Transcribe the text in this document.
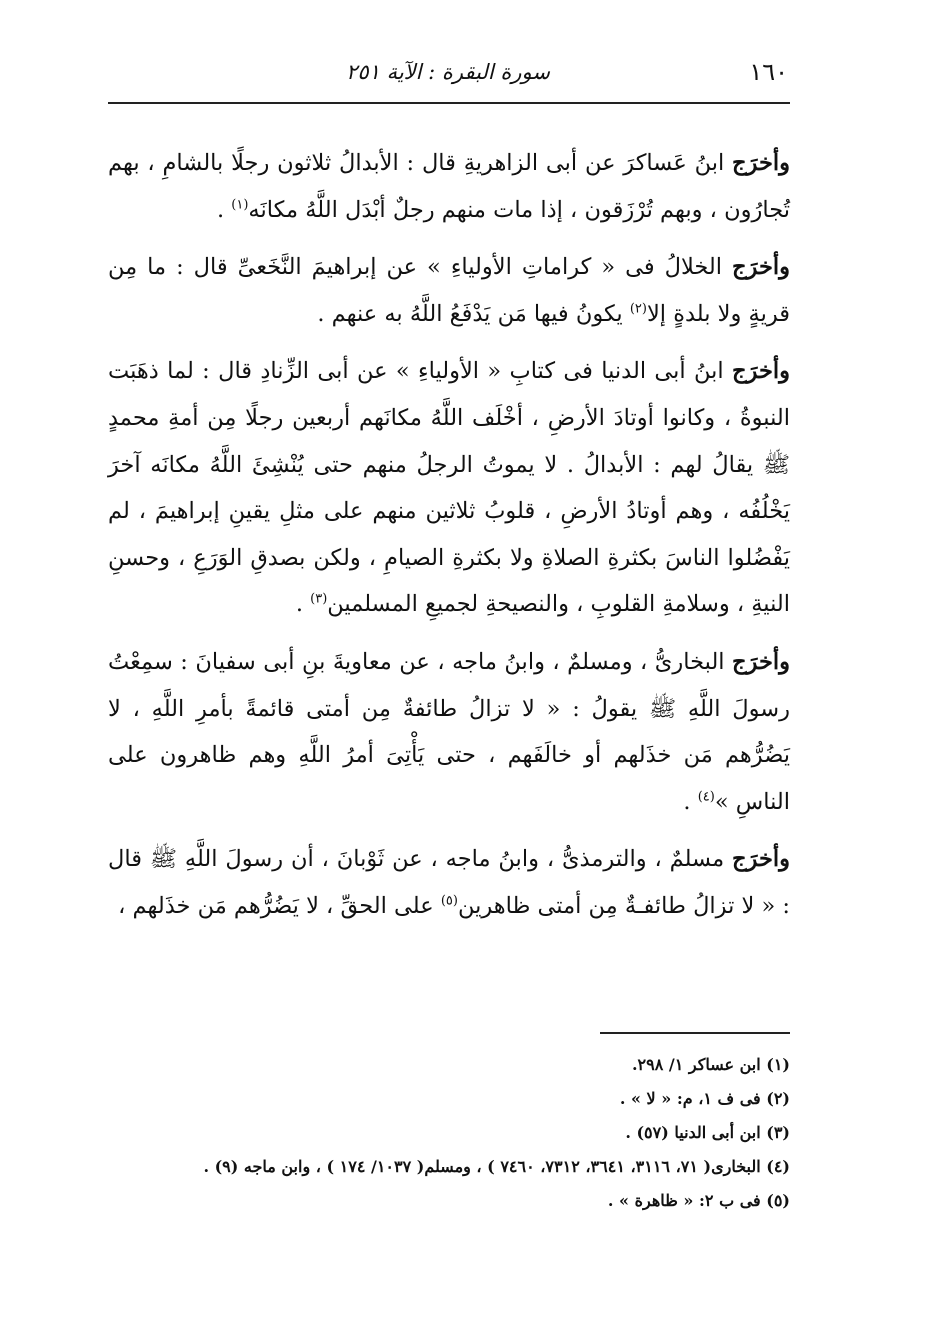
١٦٠
سورة البقرة : الآية ٢٥١

وأخرَج ابنُ عَساكرَ عن أبى الزاهريةِ قال : الأبدالُ ثلاثون رجلًا بالشامِ ، بهم تُجارُون ، وبهم تُرْزَقون ، إذا مات منهم رجلٌ أبْدَل اللَّهُ مكانَه$^{(١)}$ .

وأخرَج الخلالُ فى « كراماتِ الأولياءِ » عن إبراهيمَ النَّخَعىِّ قال : ما مِن قريةٍ ولا بلدةٍ إلا$^{(٢)}$ يكونُ فيها مَن يَدْفَعُ اللَّهُ به عنهم .

وأخرَج ابنُ أبى الدنيا فى كتابِ « الأولياءِ » عن أبى الزِّنادِ قال : لما ذهَبَت النبوةُ ، وكانوا أوتادَ الأرضِ ، أخْلَف اللَّهُ مكانَهم أربعين رجلًا مِن أمةِ محمدٍ ﷺ يقالُ لهم : الأبدالُ . لا يموتُ الرجلُ منهم حتى يُنْشِئَ اللَّهُ مكانَه آخرَ يَخْلُفُه ، وهم أوتادُ الأرضِ ، قلوبُ ثلاثين منهم على مثلِ يقينِ إبراهيمَ ، لم يَفْضُلوا الناسَ بكثرةِ الصلاةِ ولا بكثرةِ الصيامِ ، ولكن بصدقِ الوَرَعِ ، وحسنِ النيةِ ، وسلامةِ القلوبِ ، والنصيحةِ لجميعِ المسلمين$^{(٣)}$ .

وأخرَج البخارىُّ ، ومسلمٌ ، وابنُ ماجه ، عن معاويةَ بنِ أبى سفيانَ : سمِعْتُ رسولَ اللَّهِ ﷺ يقولُ : « لا تزالُ طائفةٌ مِن أمتى قائمةً بأمرِ اللَّهِ ، لا يَضُرُّهم مَن خذَلهم أو خالَفَهم ، حتى يَأْتِىَ أمرُ اللَّهِ وهم ظاهرون على الناسِ »$^{(٤)}$ .

وأخرَج مسلمٌ ، والترمذىُّ ، وابنُ ماجه ، عن ثَوْبانَ ، أن رسولَ اللَّهِ ﷺ قال : « لا تزالُ طائفـةٌ مِن أمتى ظاهرين$^{(٥)}$ على الحقِّ ، لا يَضُرُّهم مَن خذَلهم ،

(١) ابن عساكر ١/ ٢٩٨.
(٢) فى ف ١، م: « لا » .
(٣) ابن أبى الدنيا (٥٧) .
(٤) البخارى( ٧١، ٣١١٦، ٣٦٤١، ٧٣١٢، ٧٤٦٠ ) ، ومسلم( ١٠٣٧/ ١٧٤ ) ، وابن ماجه (٩) .
(٥) فى ب ٢: « ظاهرة » .
